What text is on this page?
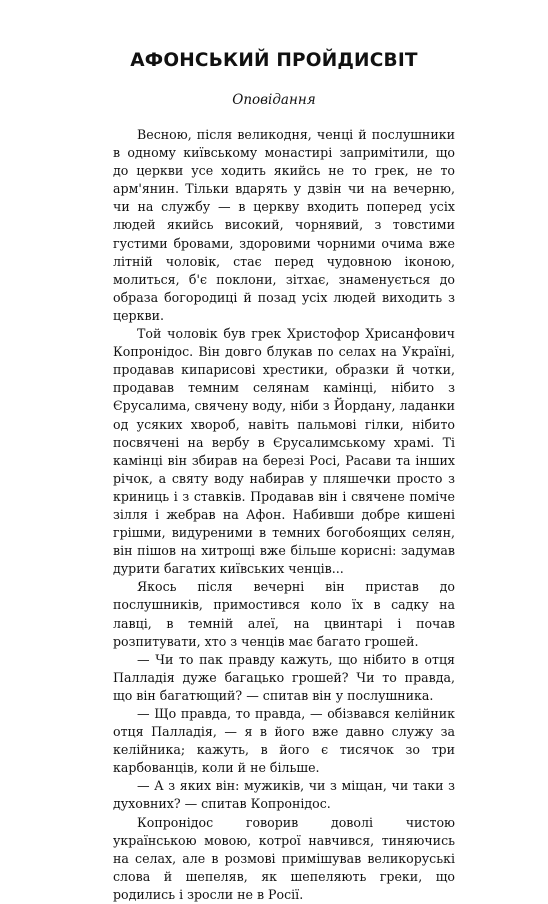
АФОНСЬКИЙ ПРОЙДИСВІТ
Оповідання

Весною, після великодня, ченці й послушники в одному київському монастирі запримітили, що до церкви усе ходить якийсь не то грек, не то арм'янин. Тільки вдарять у дзвін чи на вечерню, чи на службу — в церкву входить поперед усіх людей якийсь високий, чорнявий, з товстими густими бровами, здоровими чорними очима вже літній чоловік, стає перед чудовною іконою, молиться, б'є поклони, зітхає, знаменується до образа богородиці й позад усіх людей виходить з церкви.

Той чоловік був грек Христофор Хрисанфович Копронідос. Він довго блукав по селах на Україні, продавав кипарисові хрестики, образки й чотки, продавав темним селянам камінці, нібито з Єрусалима, свячену воду, ніби з Йордану, ладанки од усяких хвороб, навіть пальмові гілки, нібито посвячені на вербу в Єрусалимському храмі. Ті камінці він збирав на березі Росі, Расави та інших річок, а святу воду набирав у пляшечки просто з криниць і з ставків. Продавав він і свячене поміче зілля і жебрав на Афон. Набивши добре кишені грішми, видуреними в темних богобоящих селян, він пішов на хитрощі вже більше корисні: задумав дурити багатих київських ченців...

Якось після вечерні він пристав до послушників, примостився коло їх в садку на лавці, в темній алеї, на цвинтарі і почав розпитувати, хто з ченців має багато грошей.

— Чи то пак правду кажуть, що нібито в отця Палладія дуже багацько грошей? Чи то правда, що він багатющий? — спитав він у послушника.

— Що правда, то правда, — обізвався келійник отця Палладія, — я в його вже давно служу за келійника; кажуть, в його є тисячок зо три карбованців, коли й не більше.

— А з яких він: мужиків, чи з міщан, чи таки з духовних? — спитав Копронідос.

Копронідос говорив доволі чистою українською мовою, котрої навчився, тиняючись на селах, але в розмові примішував великоруські слова й шепеляв, як шепеляють греки, що родились і зросли не в Росії.
